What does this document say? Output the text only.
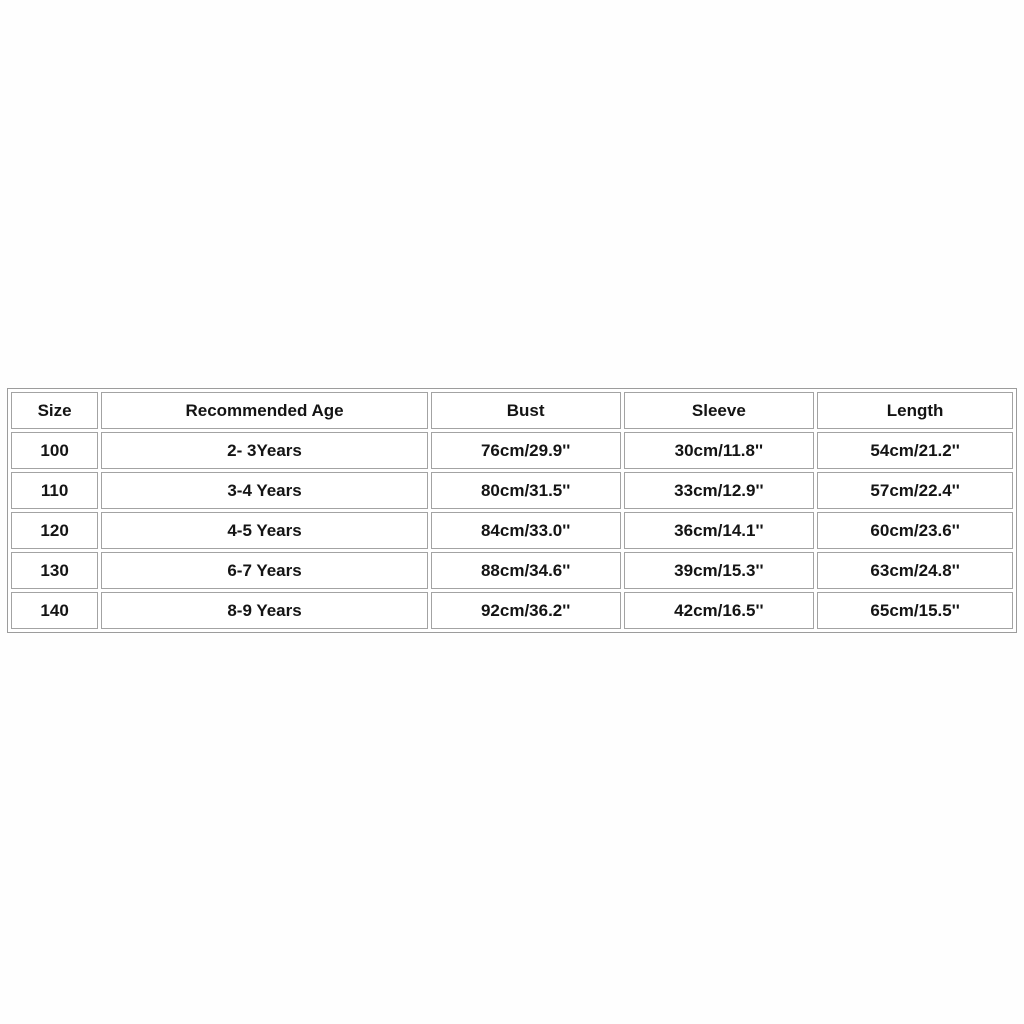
Size	Recommended Age	Bust	Sleeve	Length
100	2- 3Years	76cm/29.9''	30cm/11.8''	54cm/21.2''
110	3-4 Years	80cm/31.5''	33cm/12.9''	57cm/22.4''
120	4-5 Years	84cm/33.0''	36cm/14.1''	60cm/23.6''
130	6-7 Years	88cm/34.6''	39cm/15.3''	63cm/24.8''
140	8-9 Years	92cm/36.2''	42cm/16.5''	65cm/15.5''
